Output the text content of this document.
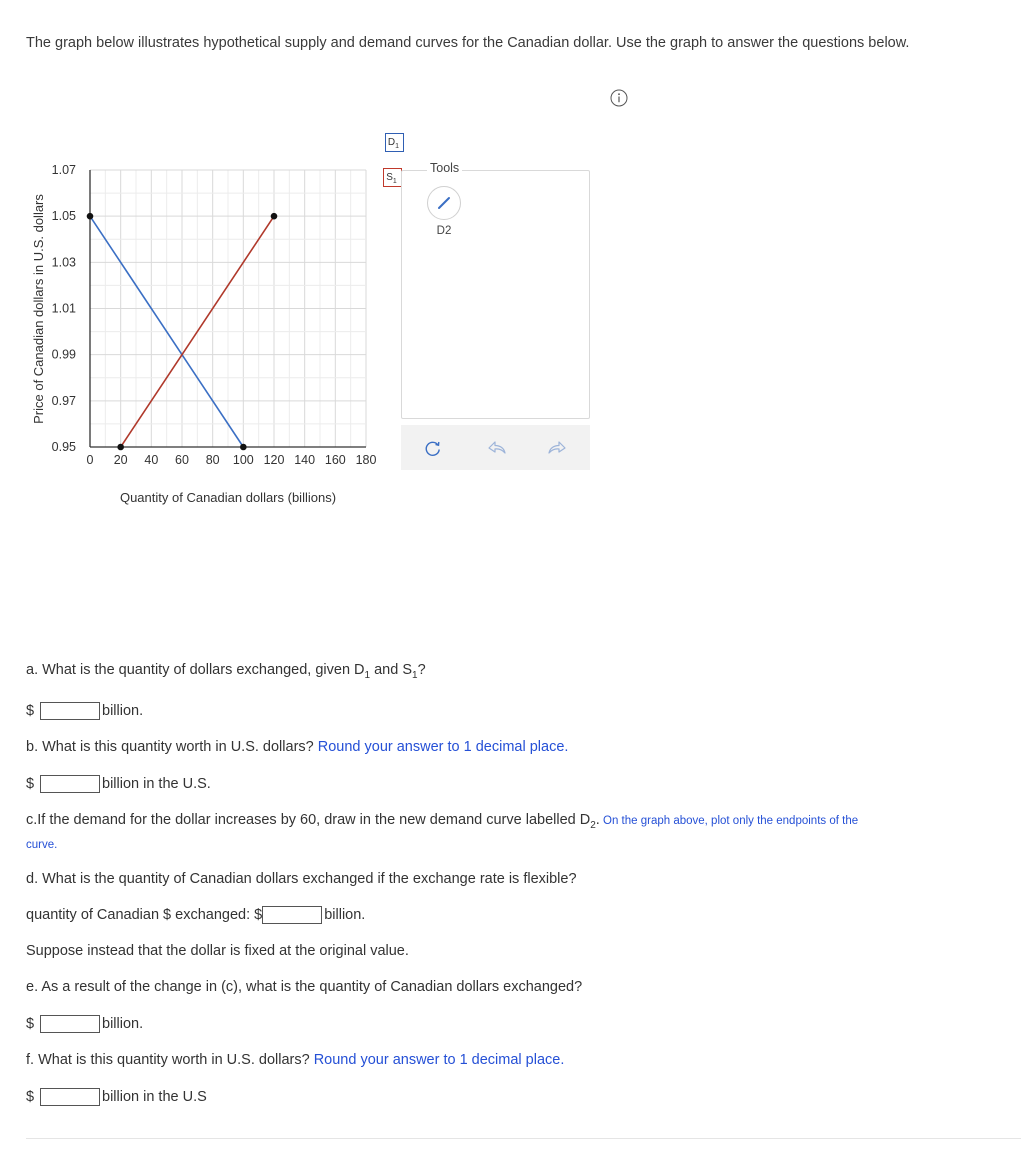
The graph below illustrates hypothetical supply and demand curves for the Canadian dollar. Use the graph to answer the questions below.
1.07
1.05
1.03
1.01
0.99
0.97
0.95
0 20 40 60 80 100 120 140 160 180
Quantity of Canadian dollars (billions)
Price of Canadian dollars in U.S. dollars
$D_1$
$S_1$
Tools
D2
a. What is the quantity of dollars exchanged, given $D_1$ and $S_1$?
$	billion.
b. What is this quantity worth in U.S. dollars? Round your answer to 1 decimal place.
$	billion in the U.S.
c.If the demand for the dollar increases by 60, draw in the new demand curve labelled $D_2$. On the graph above, plot only the endpoints of the
curve.
d. What is the quantity of Canadian dollars exchanged if the exchange rate is flexible?
quantity of Canadian $ exchanged: $	billion.
Suppose instead that the dollar is fixed at the original value.
e. As a result of the change in (c), what is the quantity of Canadian dollars exchanged?
$	billion.
f. What is this quantity worth in U.S. dollars? Round your answer to 1 decimal place.
$	billion in the U.S
